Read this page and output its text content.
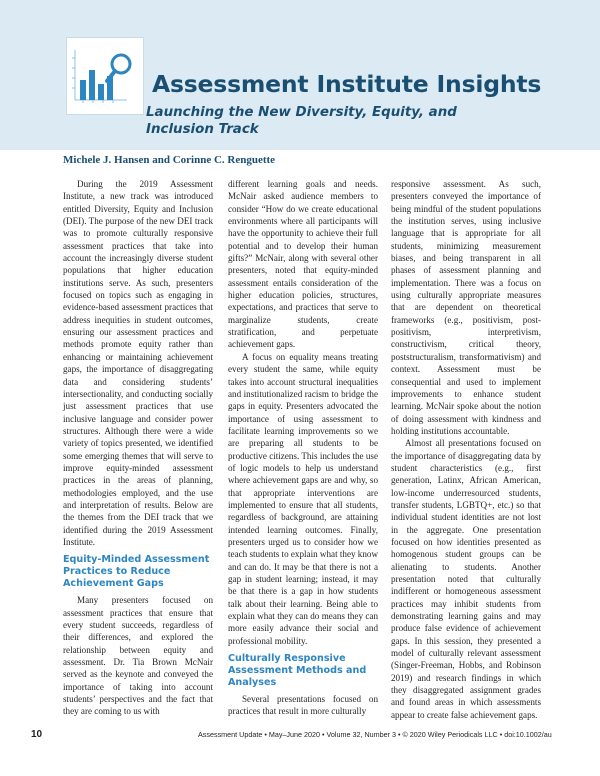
Assessment Institute Insights
Launching the New Diversity, Equity, and Inclusion Track
Michele J. Hansen and Corinne C. Renguette

During the 2019 Assessment Institute, a new track was introduced entitled Diversity, Equity and Inclusion (DEI). The purpose of the new DEI track was to promote culturally responsive assessment practices that take into account the increasingly diverse student populations that higher education institutions serve. As such, presenters focused on topics such as engaging in evidence-based assessment practices that address inequities in student outcomes, ensuring our assessment practices and methods promote equity rather than enhancing or maintaining achievement gaps, the importance of disaggregating data and considering students’ intersectionality, and conducting socially just assessment practices that use inclusive language and consider power structures. Although there were a wide variety of topics presented, we identified some emerging themes that will serve to improve equity-minded assessment practices in the areas of planning, methodologies employed, and the use and interpretation of results. Below are the themes from the DEI track that we identified during the 2019 Assessment Institute.

Equity-Minded Assessment Practices to Reduce Achievement Gaps

Many presenters focused on assessment practices that ensure that every student succeeds, regardless of their differences, and explored the relationship between equity and assessment. Dr. Tia Brown McNair served as the keynote and conveyed the importance of taking into account students’ perspectives and the fact that they are coming to us with

different learning goals and needs. McNair asked audience members to consider “How do we create educational environments where all participants will have the opportunity to achieve their full potential and to develop their human gifts?” McNair, along with several other presenters, noted that equity-minded assessment entails consideration of the higher education policies, structures, expectations, and practices that serve to marginalize students, create stratification, and perpetuate achievement gaps.

A focus on equality means treating every student the same, while equity takes into account structural inequalities and institutionalized racism to bridge the gaps in equity. Presenters advocated the importance of using assessment to facilitate learning improvements so we are preparing all students to be productive citizens. This includes the use of logic models to help us understand where achievement gaps are and why, so that appropriate interventions are implemented to ensure that all students, regardless of background, are attaining intended learning outcomes. Finally, presenters urged us to consider how we teach students to explain what they know and can do. It may be that there is not a gap in student learning; instead, it may be that there is a gap in how students talk about their learning. Being able to explain what they can do means they can more easily advance their social and professional mobility.

Culturally Responsive Assessment Methods and Analyses

Several presentations focused on practices that result in more culturally

responsive assessment. As such, presenters conveyed the importance of being mindful of the student populations the institution serves, using inclusive language that is appropriate for all students, minimizing measurement biases, and being transparent in all phases of assessment planning and implementation. There was a focus on using culturally appropriate measures that are dependent on theoretical frameworks (e.g., positivism, post-positivism, interpretivism, constructivism, critical theory, poststructuralism, transformativism) and context. Assessment must be consequential and used to implement improvements to enhance student learning. McNair spoke about the notion of doing assessment with kindness and holding institutions accountable.

Almost all presentations focused on the importance of disaggregating data by student characteristics (e.g., first generation, Latinx, African American, low-income underresourced students, transfer students, LGBTQ+, etc.) so that individual student identities are not lost in the aggregate. One presentation focused on how identities presented as homogenous student groups can be alienating to students. Another presentation noted that culturally indifferent or homogeneous assessment practices may inhibit students from demonstrating learning gains and may produce false evidence of achievement gaps. In this session, they presented a model of culturally relevant assessment (Singer-Freeman, Hobbs, and Robinson 2019) and research findings in which they disaggregated assignment grades and found areas in which assessments appear to create false achievement gaps.

10	Assessment Update • May–June 2020 • Volume 32, Number 3 • © 2020 Wiley Periodicals LLC • doi:10.1002/au
